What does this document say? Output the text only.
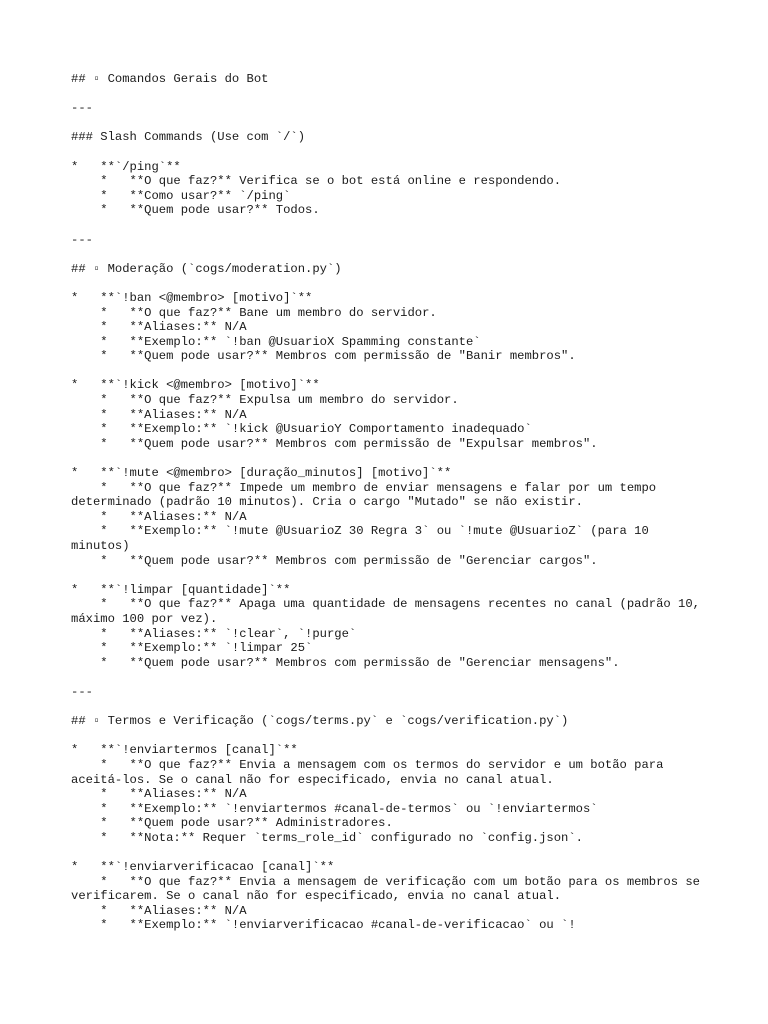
## ▫ Comandos Gerais do Bot
---
### Slash Commands (Use com `/`)
*   **`/ping`**
*   **O que faz?** Verifica se o bot está online e respondendo.
*   **Como usar?** `/ping`
*   **Quem pode usar?** Todos.
---
## ▫ Moderação (`cogs/moderation.py`)
*   **`!ban <@membro> [motivo]`**
*   **O que faz?** Bane um membro do servidor.
*   **Aliases:** N/A
*   **Exemplo:** `!ban @UsuarioX Spamming constante`
*   **Quem pode usar?** Membros com permissão de "Banir membros".
*   **`!kick <@membro> [motivo]`**
*   **O que faz?** Expulsa um membro do servidor.
*   **Aliases:** N/A
*   **Exemplo:** `!kick @UsuarioY Comportamento inadequado`
*   **Quem pode usar?** Membros com permissão de "Expulsar membros".
*   **`!mute <@membro> [duração_minutos] [motivo]`**
*   **O que faz?** Impede um membro de enviar mensagens e falar por um tempo determinado (padrão 10 minutos). Cria o cargo "Mutado" se não existir.
*   **Aliases:** N/A
*   **Exemplo:** `!mute @UsuarioZ 30 Regra 3` ou `!mute @UsuarioZ` (para 10 minutos)
*   **Quem pode usar?** Membros com permissão de "Gerenciar cargos".
*   **`!limpar [quantidade]`**
*   **O que faz?** Apaga uma quantidade de mensagens recentes no canal (padrão 10, máximo 100 por vez).
*   **Aliases:** `!clear`, `!purge`
*   **Exemplo:** `!limpar 25`
*   **Quem pode usar?** Membros com permissão de "Gerenciar mensagens".
---
## ▫ Termos e Verificação (`cogs/terms.py` e `cogs/verification.py`)
*   **`!enviartermos [canal]`**
*   **O que faz?** Envia a mensagem com os termos do servidor e um botão para aceitá-los. Se o canal não for especificado, envia no canal atual.
*   **Aliases:** N/A
*   **Exemplo:** `!enviartermos #canal-de-termos` ou `!enviartermos`
*   **Quem pode usar?** Administradores.
*   **Nota:** Requer `terms_role_id` configurado no `config.json`.
*   **`!enviarverificacao [canal]`**
*   **O que faz?** Envia a mensagem de verificação com um botão para os membros se verificarem. Se o canal não for especificado, envia no canal atual.
*   **Aliases:** N/A
*   **Exemplo:** `!enviarverificacao #canal-de-verificacao` ou `!
